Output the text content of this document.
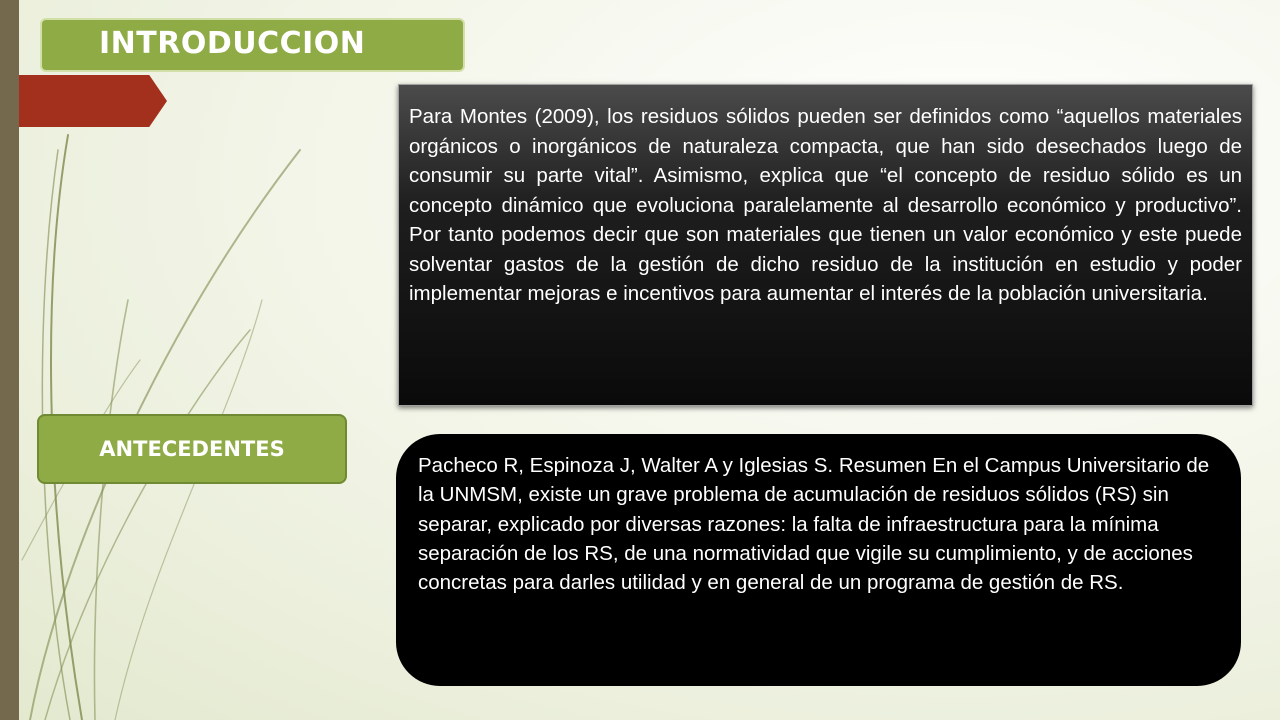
INTRODUCCION
Para Montes (2009), los residuos sólidos pueden ser definidos como “aquellos materiales orgánicos o inorgánicos de naturaleza compacta, que han sido desechados luego de consumir su parte vital”. Asimismo, explica que “el concepto de residuo sólido es un concepto dinámico que evoluciona paralelamente al desarrollo económico y productivo”. Por tanto podemos decir que son materiales que tienen un valor económico y este puede solventar gastos de la gestión de dicho residuo de la institución en estudio y poder implementar mejoras e incentivos para aumentar el interés de la población universitaria.
ANTECEDENTES
Pacheco R, Espinoza J, Walter A y Iglesias S. Resumen En el Campus Universitario de la UNMSM, existe un grave problema de acumulación de residuos sólidos (RS) sin separar, explicado por diversas razones: la falta de infraestructura para la mínima separación de los RS, de una normatividad que vigile su cumplimiento, y de acciones concretas para darles utilidad y en general de un programa de gestión de RS.
